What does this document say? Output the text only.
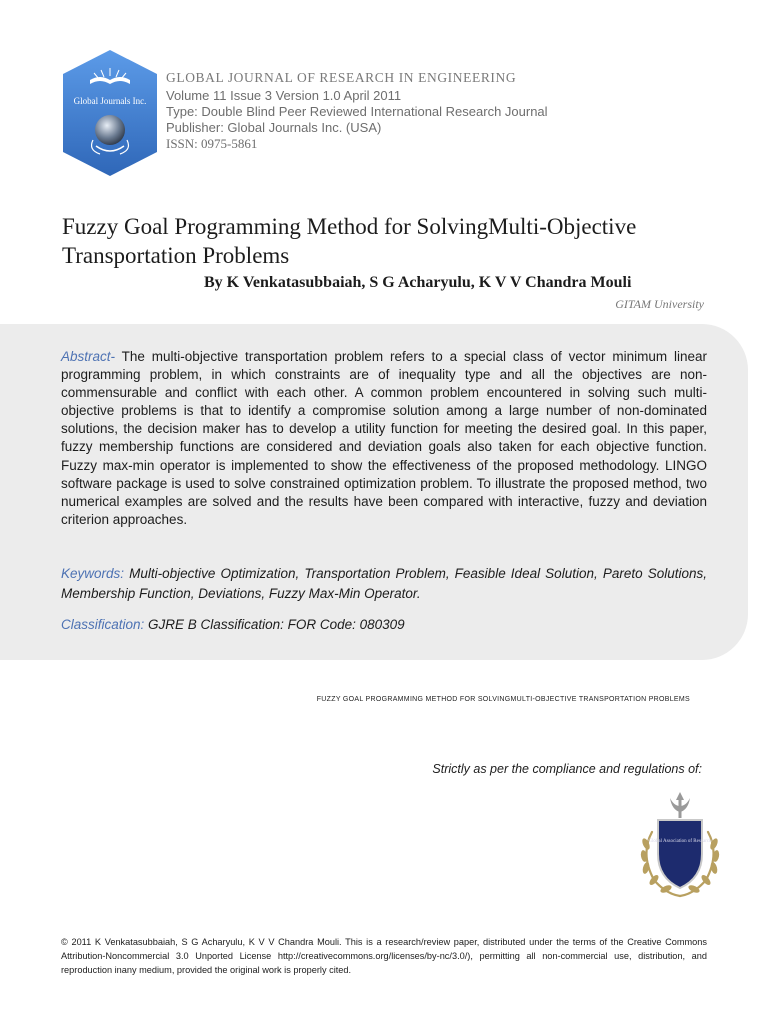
Global Journals Inc.
GLOBAL JOURNAL OF RESEARCH IN ENGINEERING
Volume 11 Issue 3 Version 1.0 April 2011
Type: Double Blind Peer Reviewed International Research Journal
Publisher: Global Journals Inc. (USA)
ISSN: 0975-5861
Fuzzy Goal Programming Method for SolvingMulti-Objective Transportation Problems
By K Venkatasubbaiah, S G Acharyulu, K V V Chandra Mouli
GITAM University
Abstract- The multi-objective transportation problem refers to a special class of vector minimum linear programming problem, in which constraints are of inequality type and all the objectives are non-commensurable and conflict with each other. A common problem encountered in solving such multi-objective problems is that to identify a compromise solution among a large number of non-dominated solutions, the decision maker has to develop a utility function for meeting the desired goal. In this paper, fuzzy membership functions are considered and deviation goals also taken for each objective function. Fuzzy max-min operator is implemented to show the effectiveness of the proposed methodology. LINGO software package is used to solve constrained optimization problem. To illustrate the proposed method, two numerical examples are solved and the results have been compared with interactive, fuzzy and deviation criterion approaches.
Keywords: Multi-objective Optimization, Transportation Problem, Feasible Ideal Solution, Pareto Solutions, Membership Function, Deviations, Fuzzy Max-Min Operator.
Classification: GJRE B Classification: FOR Code: 080309
FUZZY GOAL PROGRAMMING METHOD FOR SOLVINGMULTI-OBJECTIVE TRANSPORTATION PROBLEMS
Strictly as per the compliance and regulations of:
Global Association of Research
© 2011 K Venkatasubbaiah, S G Acharyulu, K V V Chandra Mouli. This is a research/review paper, distributed under the terms of the Creative Commons Attribution-Noncommercial 3.0 Unported License http://creativecommons.org/licenses/by-nc/3.0/), permitting all non-commercial use, distribution, and reproduction inany medium, provided the original work is properly cited.
